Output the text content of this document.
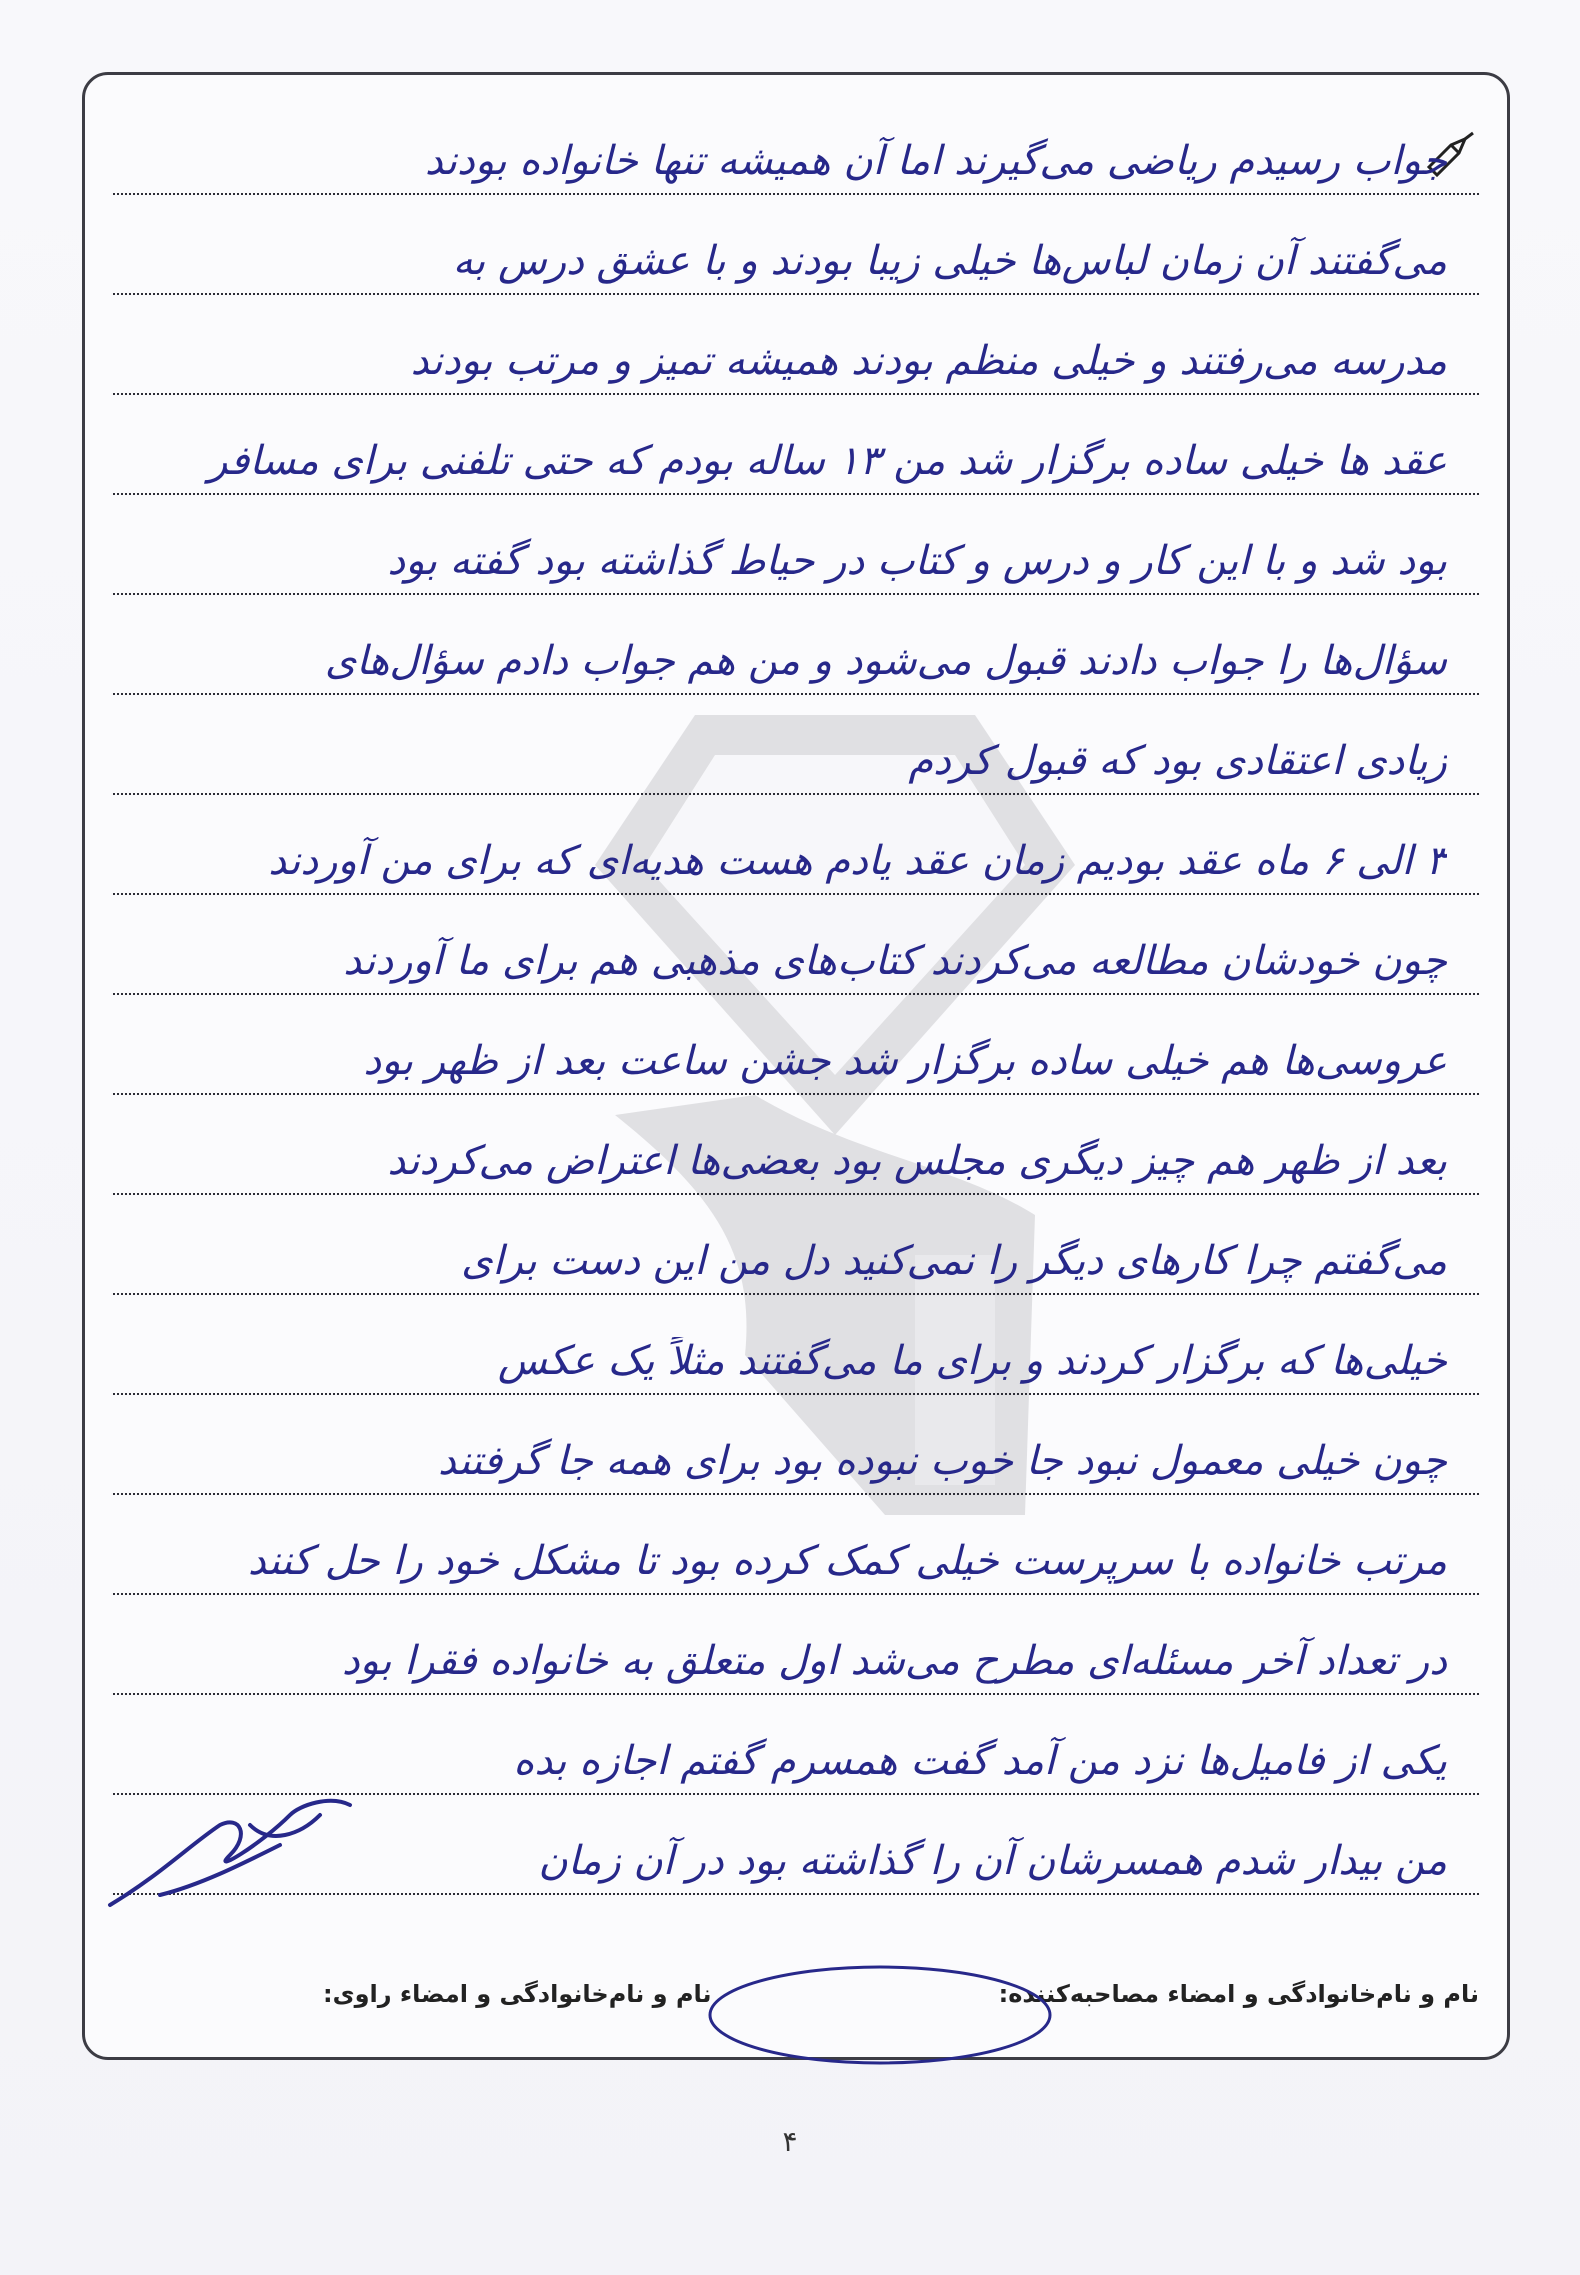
جواب رسیدم ریاضی می‌گیرند اما آن همیشه تنها خانواده بودند
می‌گفتند آن زمان لباس‌ها خیلی زیبا بودند و با عشق درس به
مدرسه می‌رفتند و خیلی منظم بودند همیشه تمیز و مرتب بودند
عقد ها خیلی ساده برگزار شد من ۱۳ ساله بودم که حتی تلفنی برای مسافر
بود شد و با این کار و درس و کتاب در حیاط گذاشته بود گفته بود
سؤال‌ها را جواب دادند قبول می‌شود و من هم جواب دادم سؤال‌های
زیادی اعتقادی بود که قبول کردم
۳ الی ۶ ماه عقد بودیم زمان عقد یادم هست هدیه‌ای که برای من آوردند
چون خودشان مطالعه می‌کردند کتاب‌های مذهبی هم برای ما آوردند
عروسی‌ها هم خیلی ساده برگزار شد جشن ساعت بعد از ظهر بود
بعد از ظهر هم چیز دیگری مجلس بود بعضی‌ها اعتراض می‌کردند
می‌گفتم چرا کارهای دیگر را نمی‌کنید دل من این دست برای
خیلی‌ها که برگزار کردند و برای ما می‌گفتند مثلاً یک عکس
چون خیلی معمول نبود جا خوب نبوده بود برای همه جا گرفتند
مرتب خانواده با سرپرست خیلی کمک کرده بود تا مشکل خود را حل کنند
در تعداد آخر مسئله‌ای مطرح می‌شد اول متعلق به خانواده فقرا بود
یکی از فامیل‌ها نزد من آمد گفت همسرم گفتم اجازه بده
من بیدار شدم همسرشان آن را گذاشته بود در آن زمان
نام و نام‌خانوادگی و امضاء مصاحبه‌کننده:
نام و نام‌خانوادگی و امضاء راوی:
۴
